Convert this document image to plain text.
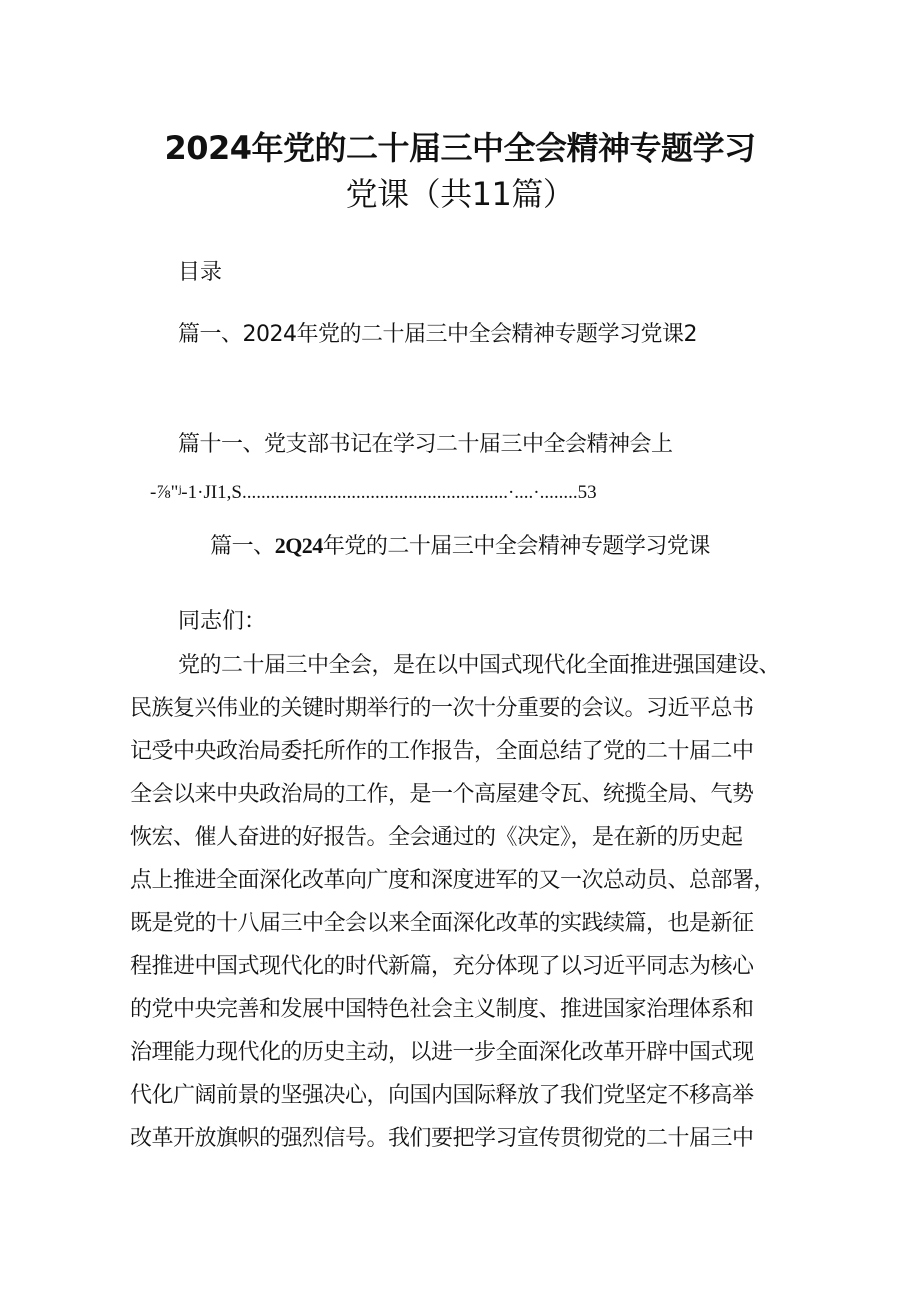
2024年党的二十届三中全会精神专题学习
党课（共11篇）
目录
篇一、2024年党的二十届三中全会精神专题学习党课2
篇十一、党支部书记在学习二十届三中全会精神会上
-⅞"ʲ-1·JI1,S........................................................·....·........53
篇一、2Q24年党的二十届三中全会精神专题学习党课
同志们：
党的二十届三中全会，是在以中国式现代化全面推进强国建设、
民族复兴伟业的关键时期举行的一次十分重要的会议。习近平总书
记受中央政治局委托所作的工作报告，全面总结了党的二十届二中
全会以来中央政治局的工作，是一个高屋建令瓦、统揽全局、气势
恢宏、催人奋进的好报告。全会通过的《决定》，是在新的历史起
点上推进全面深化改革向广度和深度进军的又一次总动员、总部署，
既是党的十八届三中全会以来全面深化改革的实践续篇，也是新征
程推进中国式现代化的时代新篇，充分体现了以习近平同志为核心
的党中央完善和发展中国特色社会主义制度、推进国家治理体系和
治理能力现代化的历史主动，以进一步全面深化改革开辟中国式现
代化广阔前景的坚强决心，向国内国际释放了我们党坚定不移高举
改革开放旗帜的强烈信号。我们要把学习宣传贯彻党的二十届三中
